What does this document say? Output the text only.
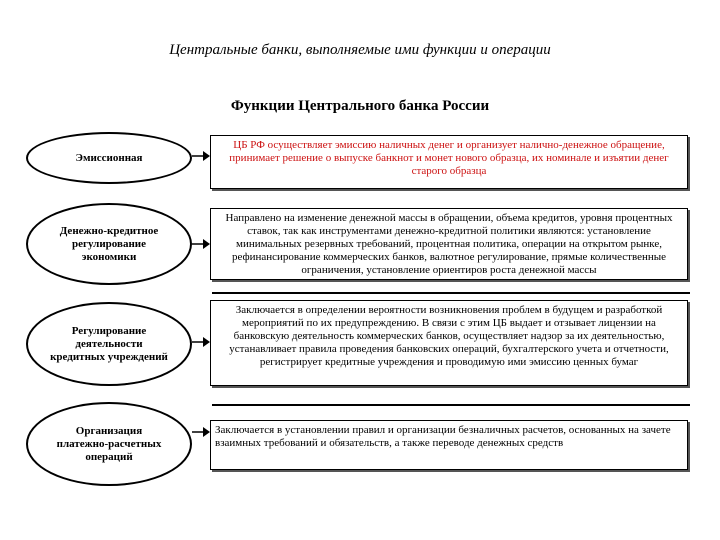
Центральные банки, выполняемые ими функции и операции
Функции Центрального банка России
Эмиссионная
ЦБ РФ осуществляет эмиссию наличных денег и организует налично-денежное обращение, принимает решение о выпуске банкнот и монет нового образца, их номинале и изъятии денег старого образца
Денежно-кредитное регулирование экономики
Направлено на изменение денежной массы в обращении, объема кредитов, уровня процентных ставок, так как инструментами денежно-кредитной политики являются: установление минимальных резервных требований, процентная политика, операции на открытом рынке, рефинансирование коммерческих банков, валютное регулирование, прямые количественные ограничения, установление ориентиров роста денежной массы
Регулирование деятельности кредитных учреждений
Заключается в определении вероятности возникновения проблем в будущем и разработкой мероприятий по их предупреждению. В связи с этим ЦБ выдает и отзывает лицензии на банковскую деятельность коммерческих банков, осуществляет надзор за их деятельностью, устанавливает правила проведения банковских операций, бухгалтерского учета и отчетности, регистрирует кредитные учреждения и проводимую ими эмиссию ценных бумаг
Организация платежно-расчетных операций
Заключается в установлении правил и организации безналичных расчетов, основанных на зачете взаимных требований и обязательств, а также переводе денежных средств
